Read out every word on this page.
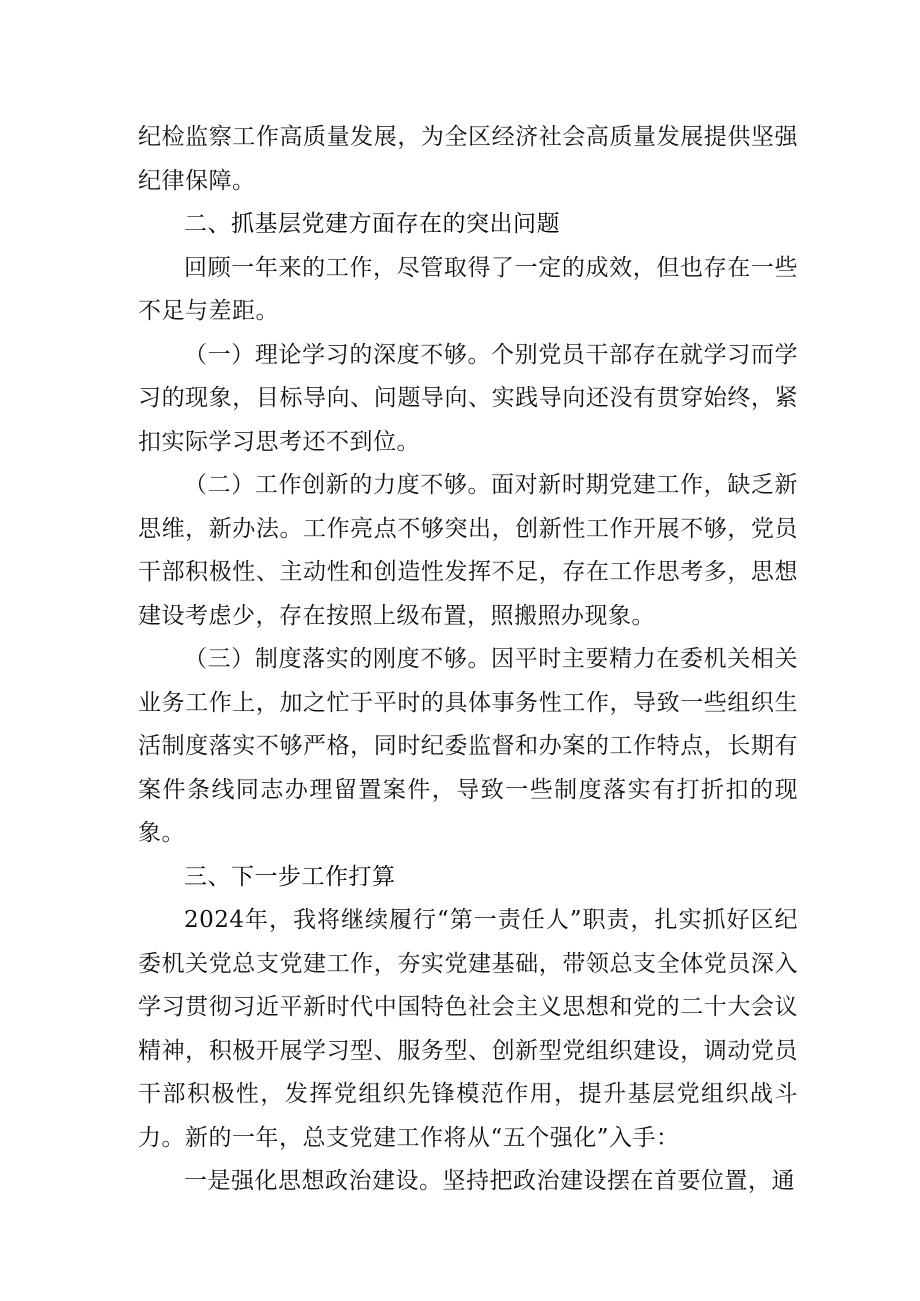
纪检监察工作高质量发展，为全区经济社会高质量发展提供坚强纪律保障。

二、抓基层党建方面存在的突出问题

回顾一年来的工作，尽管取得了一定的成效，但也存在一些不足与差距。

（一）理论学习的深度不够。个别党员干部存在就学习而学习的现象，目标导向、问题导向、实践导向还没有贯穿始终，紧扣实际学习思考还不到位。

（二）工作创新的力度不够。面对新时期党建工作，缺乏新思维，新办法。工作亮点不够突出，创新性工作开展不够，党员干部积极性、主动性和创造性发挥不足，存在工作思考多，思想建设考虑少，存在按照上级布置，照搬照办现象。

（三）制度落实的刚度不够。因平时主要精力在委机关相关业务工作上，加之忙于平时的具体事务性工作，导致一些组织生活制度落实不够严格，同时纪委监督和办案的工作特点，长期有案件条线同志办理留置案件，导致一些制度落实有打折扣的现象。

三、下一步工作打算

2024年，我将继续履行“第一责任人”职责，扎实抓好区纪委机关党总支党建工作，夯实党建基础，带领总支全体党员深入学习贯彻习近平新时代中国特色社会主义思想和党的二十大会议精神，积极开展学习型、服务型、创新型党组织建设，调动党员干部积极性，发挥党组织先锋模范作用，提升基层党组织战斗力。新的一年，总支党建工作将从“五个强化”入手：

一是强化思想政治建设。坚持把政治建设摆在首要位置，通
